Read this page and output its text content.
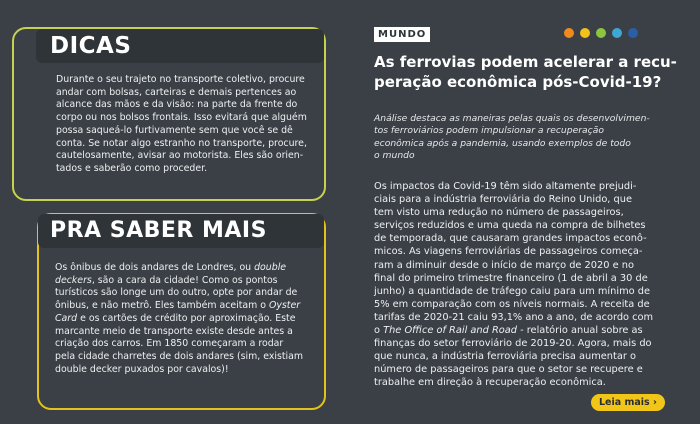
DICAS
Durante o seu trajeto no transporte coletivo, procure
andar com bolsas, carteiras e demais pertences ao
alcance das mãos e da visão: na parte da frente do
corpo ou nos bolsos frontais. Isso evitará que alguém
possa saqueá-lo furtivamente sem que você se dê
conta. Se notar algo estranho no transporte, procure,
cautelosamente, avisar ao motorista. Eles são orien-
tados e saberão como proceder.
PRA SABER MAIS
Os ônibus de dois andares de Londres, ou double
deckers, são a cara da cidade! Como os pontos
turísticos são longe um do outro, opte por andar de
ônibus, e não metrô. Eles também aceitam o Oyster
Card e os cartões de crédito por aproximação. Este
marcante meio de transporte existe desde antes a
criação dos carros. Em 1850 começaram a rodar
pela cidade charretes de dois andares (sim, existiam
double decker puxados por cavalos)!
MUNDO
As ferrovias podem acelerar a recu-
peração econômica pós-Covid-19?
Análise destaca as maneiras pelas quais os desenvolvimen-
tos ferroviários podem impulsionar a recuperação
econômica após a pandemia, usando exemplos de todo
o mundo
Os impactos da Covid-19 têm sido altamente prejudi-
ciais para a indústria ferroviária do Reino Unido, que
tem visto uma redução no número de passageiros,
serviços reduzidos e uma queda na compra de bilhetes
de temporada, que causaram grandes impactos econô-
micos. As viagens ferroviárias de passageiros começa-
ram a diminuir desde o início de março de 2020 e no
final do primeiro trimestre financeiro (1 de abril a 30 de
junho) a quantidade de tráfego caiu para um mínimo de
5% em comparação com os níveis normais. A receita de
tarifas de 2020-21 caiu 93,1% ano a ano, de acordo com
o The Office of Rail and Road - relatório anual sobre as
finanças do setor ferroviário de 2019-20. Agora, mais do
que nunca, a indústria ferroviária precisa aumentar o
número de passageiros para que o setor se recupere e
trabalhe em direção à recuperação econômica.
Leia mais ›
